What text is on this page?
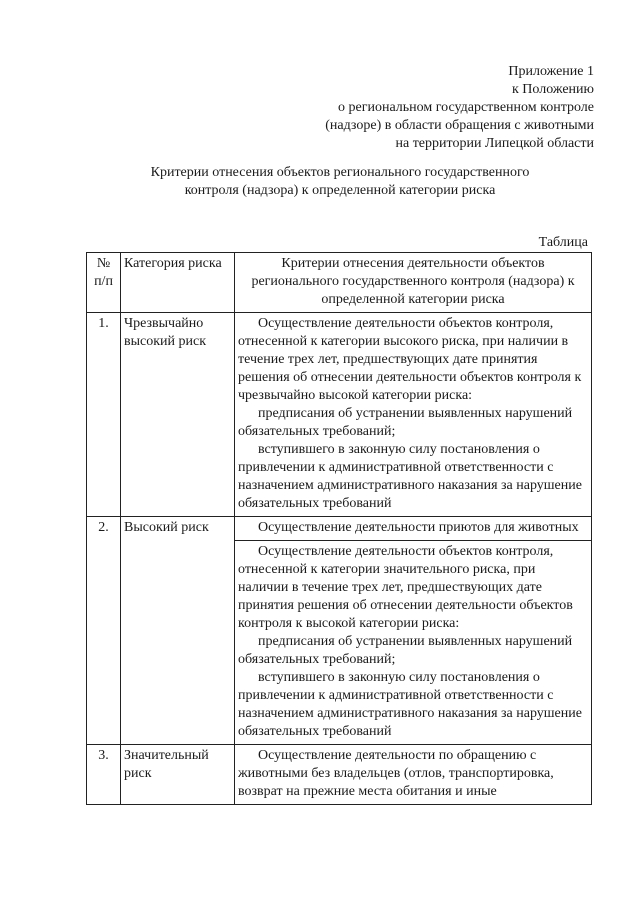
Приложение 1
к Положению
о региональном государственном контроле
(надзоре) в области обращения с животными
на территории Липецкой области
Критерии отнесения объектов регионального государственного
контроля (надзора) к определенной категории риска
Таблица
№ п/п	Категория риска	Критерии отнесения деятельности объектов регионального государственного контроля (надзора) к определенной категории риска
1.	Чрезвычайно высокий риск	Осуществление деятельности объектов контроля, отнесенной к категории высокого риска, при наличии в течение трех лет, предшествующих дате принятия решения об отнесении деятельности объектов контроля к чрезвычайно высокой категории риска:
предписания об устранении выявленных нарушений обязательных требований;
вступившего в законную силу постановления о привлечении к административной ответственности с назначением административного наказания за нарушение обязательных требований

2.	Высокий риск	Осуществление деятельности приютов для животных

		Осуществление деятельности объектов контроля, отнесенной к категории значительного риска, при наличии в течение трех лет, предшествующих дате принятия решения об отнесении деятельности объектов контроля к высокой категории риска:
предписания об устранении выявленных нарушений обязательных требований;
вступившего в законную силу постановления о привлечении к административной ответственности с назначением административного наказания за нарушение обязательных требований

3.	Значительный риск	Осуществление деятельности по обращению с животными без владельцев (отлов, транспортировка, возврат на прежние места обитания и иные
